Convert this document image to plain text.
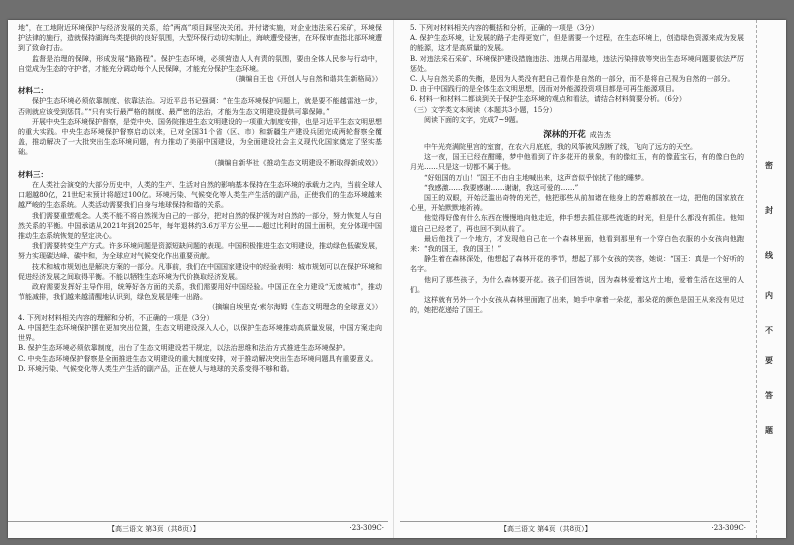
地”，在工地附近环境保护与经济发展的关系，给”两高”项目踩坚决关闭。并付诸实施，对企业违法采石采矿，环境保护法律的施行，造就保持湖海鸟类提供的良好氛围，大型环保行动切实制止，海峡遭受侵害，在环保审查指北部环境遭到了致命打击。

监督是治理的保障，形成发展“路路程”。保护生态环境，必须营造人人有责的氛围，要由全体人民参与行动中，自觉成为生态的守护者，才能充分调动每个人民保障，才能充分保护生态环境。

（摘编自王也《开创人与自然和谐共生新格局》）

材料二：

保护生态环境必须依靠制度、依靠法治。习近平总书记强调：“在生态环境保护问题上，就是要不能越雷池一步，否则就应该受到惩罚。”“只有实行最严格的制度、最严密的法治，才能为生态文明建设提供可靠保障。”

开展中央生态环境保护督察，是党中央、国务院推进生态文明建设的一项重大制度安排，也是习近平生态文明思想的重大实践。中央生态环境保护督察启动以来，已对全国31个省（区、市）和新疆生产建设兵团完成两轮督察全覆盖，推动解决了一大批突出生态环境问题，有力推动了美丽中国建设，为全面建设社会主义现代化国家奠定了坚实基础。

（摘编自新华社《推动生态文明建设不断取得新成效》）

材料三：

在人类社会演变的大部分历史中，人类的生产、生活对自然的影响基本保持在生态环境的承载力之内，当前全球人口超越80亿，21世纪末预计将超过100亿。环境污染、气候变化等人类生产生活的副产品，正使我们的生态环境越来越严峻的生态系统。人类活动需要我们自身与地球保持和谐的关系。

我们需要重塑观念。人类不能不将自然视为自己的一部分，把对自然的保护视为对自然的一部分，努力恢复人与自然关系的平衡。中国承诺从2021年到2025年，每年退林约3.6万平方公里——超过比利时的国土面积，充分体现中国推动生态系统恢复的坚定决心。

我们需要转变生产方式。许多环境问题是资源短缺问题的表现。中国积极推进生态文明建设，推动绿色低碳发展，努力实现碳达峰、碳中和，为全球应对气候变化作出重要贡献。

技术和城市规划也是解决方案的一部分。凡事前，我们在中国国家建设中的经验表明：城市规划可以在保护环境和促进经济发展之间取得平衡。不能以牺牲生态环境为代价换取经济发展。

政府需要发挥好主导作用，统筹好各方面的关系，我们需要用好中国经验。中国正在全力建设“无废城市”，推动节能减排，我们越来越清醒地认识到，绿色发展是唯一出路。

（摘编自埃里克·索尔海姆《生态文明理念的全球意义》）

4. 下列对材料相关内容的理解和分析，不正确的一项是（3分）

A. 中国把生态环境保护摆在更加突出位置，生态文明建设深入人心，以保护生态环境推动高质量发展，中国方案走向世界。

B. 保护生态环境必须依靠制度，出台了生态文明建设若干规定，以法治思维和法治方式推进生态环境保护。

C. 中央生态环境保护督察是全面推进生态文明建设的重大制度安排，对于推动解决突出生态环境问题具有重要意义。

D. 环境污染、气候变化等人类生产生活的副产品，正在使人与地球的关系变得不够和谐。

【高三语文 第3页（共8页）】	·23-309C·

5. 下列对材料相关内容的概括和分析，正确的一项是（3分）

A. 保护生态环境，让发展的路子走得更宽广，但是需要一个过程，在生态环境上，创造绿色资源来成为发展的能源，这才是高质量的发展。

B. 对违法采石采矿、环境保护建设措施违法、违规占用湿地，违法污染排放等突出生态环境问题要依法严厉惩处。

C. 人与自然关系的失衡，是因为人类没有把自己看作是自然的一部分，而不是将自己视为自然的一部分。

D. 由于中国践行的是全体生态文明思想，因而对外能源投资项目都是可再生能源项目。

6. 材料一和材料二都谈到关于保护生态环境的观点和看法，请结合材料简要分析。（6分）

（三）文学类文本阅读（本题共3小题，15分）

阅读下面的文字，完成7~9题。

深林的开花 成告杰

中午光亮满院里宫的室窗，在农六月底底，我的风筝被风刮断了线，飞向了远方的天空。

这一夜，国王已经在酣睡，梦中他看到了许多花开的景象，有的像红玉，有的像蓝宝石，有的像白色的月光……只是这一切都不属于他。

“好妞国的万山！”国王不由自主地喊出来，这声音似乎惊扰了他的睡梦。

“我感激……我要感谢……谢谢，我这可爱的……”

国王的双眼，开始泛滥出奇特的光芒，他把那些从前加诸在他身上的苦难都放在一边，把他的国家放在心里，开始默默地祈祷。

他觉得好像有什么东西在慢慢地向他走近，伸手想去抓住那些流逝的时光，但是什么都没有抓住。他知道自己已经老了，再也回不到从前了。

最后他找了一个地方，才发现他自己在一个森林里面，他看到那里有一个穿白色衣服的小女孩向他跑来：“我的国王，我的国王！”

静生着在森林深处，他想起了森林开花的季节，想起了那个女孩的笑容，她说：“国王：真是一个好听的名字。

他问了那些孩子，为什么森林要开花。孩子们回答说，因为森林爱着这片土地，爱着生活在这里的人们。

这样就有另外一个小女孩从森林里面跑了出来，她手中拿着一朵花，那朵花的颜色是国王从来没有见过的，她把花递给了国王。

【高三语文 第4页（共8页）】	·23-309C·
密
封
线
内
不
要
答
题
